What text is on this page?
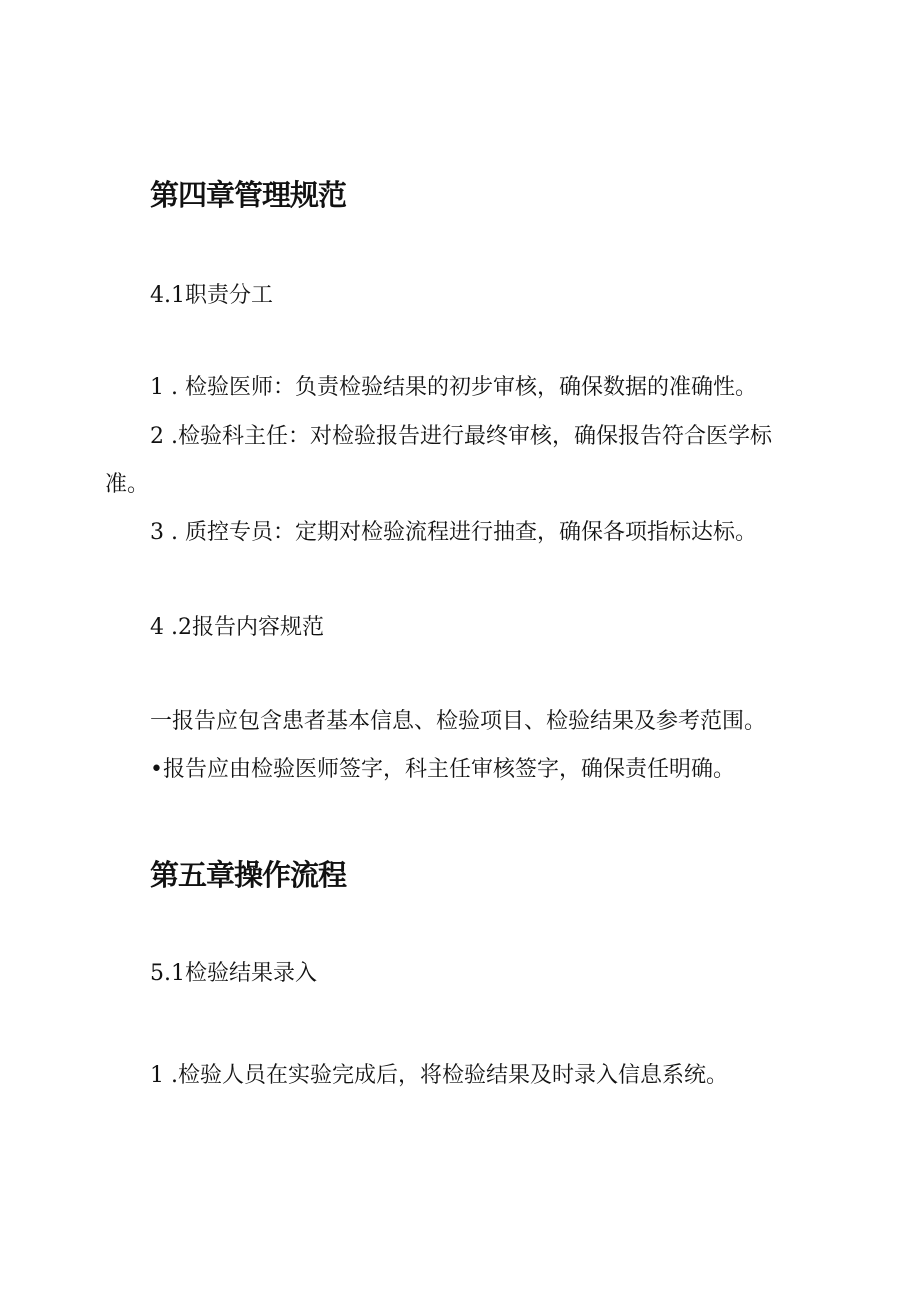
第四章管理规范
4.1职责分工
1 . 检验医师：负责检验结果的初步审核，确保数据的准确性。
2 .检验科主任：对检验报告进行最终审核，确保报告符合医学标
准。
3 . 质控专员：定期对检验流程进行抽查，确保各项指标达标。
4 .2报告内容规范
一报告应包含患者基本信息、检验项目、检验结果及参考范围。
•报告应由检验医师签字，科主任审核签字，确保责任明确。
第五章操作流程
5.1检验结果录入
1 .检验人员在实验完成后，将检验结果及时录入信息系统。
